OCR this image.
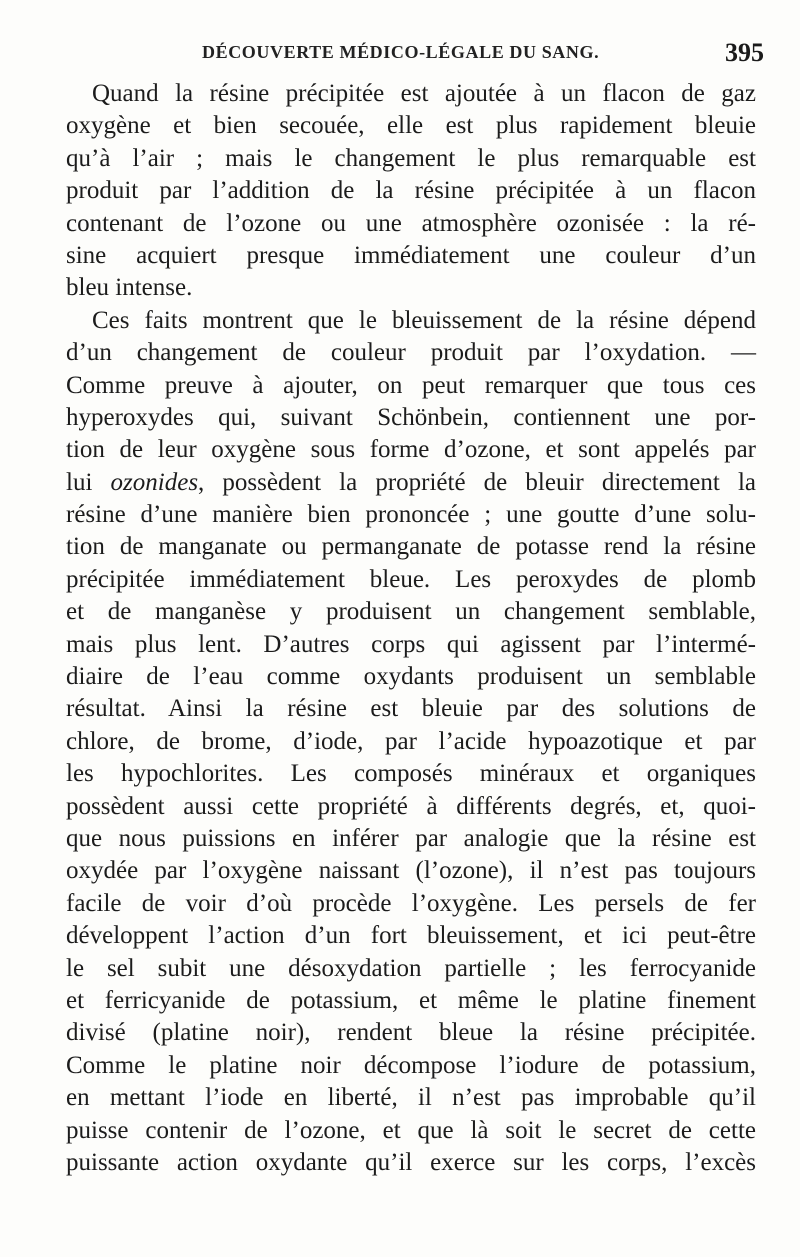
DÉCOUVERTE MÉDICO-LÉGALE DU SANG.	395
Quand la résine précipitée est ajoutée à un flacon de gaz
oxygène et bien secouée, elle est plus rapidement bleuie
qu’à l’air ; mais le changement le plus remarquable est
produit par l’addition de la résine précipitée à un flacon
contenant de l’ozone ou une atmosphère ozonisée : la ré-
sine acquiert presque immédiatement une couleur d’un
bleu intense.
Ces faits montrent que le bleuissement de la résine dépend
d’un changement de couleur produit par l’oxydation. —
Comme preuve à ajouter, on peut remarquer que tous ces
hyperoxydes qui, suivant Schönbein, contiennent une por-
tion de leur oxygène sous forme d’ozone, et sont appelés par
lui ozonides, possèdent la propriété de bleuir directement la
résine d’une manière bien prononcée ; une goutte d’une solu-
tion de manganate ou permanganate de potasse rend la résine
précipitée immédiatement bleue. Les peroxydes de plomb
et de manganèse y produisent un changement semblable,
mais plus lent. D’autres corps qui agissent par l’intermé-
diaire de l’eau comme oxydants produisent un semblable
résultat. Ainsi la résine est bleuie par des solutions de
chlore, de brome, d’iode, par l’acide hypoazotique et par
les hypochlorites. Les composés minéraux et organiques
possèdent aussi cette propriété à différents degrés, et, quoi-
que nous puissions en inférer par analogie que la résine est
oxydée par l’oxygène naissant (l’ozone), il n’est pas toujours
facile de voir d’où procède l’oxygène. Les persels de fer
développent l’action d’un fort bleuissement, et ici peut-être
le sel subit une désoxydation partielle ; les ferrocyanide
et ferricyanide de potassium, et même le platine finement
divisé (platine noir), rendent bleue la résine précipitée.
Comme le platine noir décompose l’iodure de potassium,
en mettant l’iode en liberté, il n’est pas improbable qu’il
puisse contenir de l’ozone, et que là soit le secret de cette
puissante action oxydante qu’il exerce sur les corps, l’excès
